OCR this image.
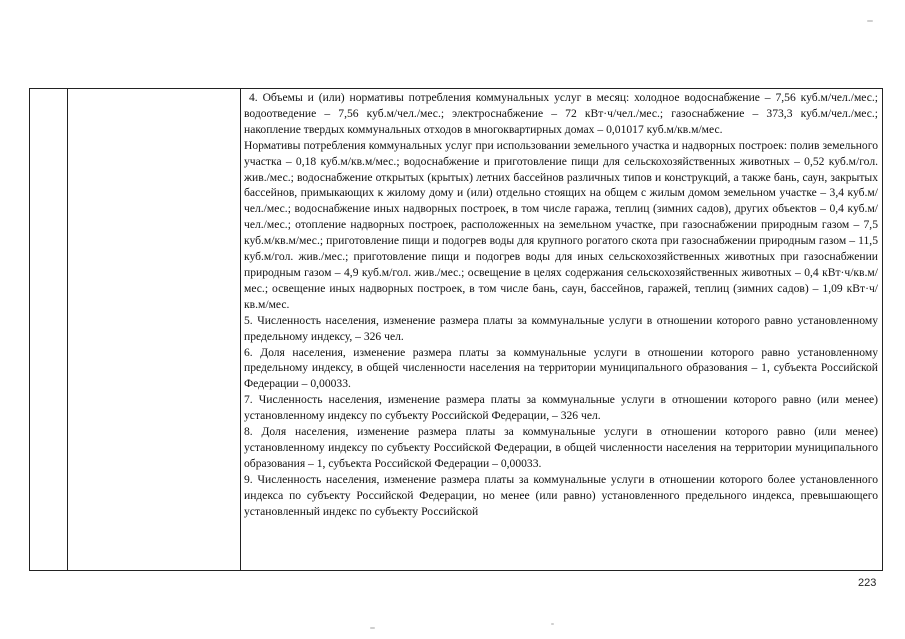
4. Объемы и (или) нормативы потребления коммунальных услуг в месяц: холодное водоснабжение – 7,56 куб.м/чел./мес.; водоотведение – 7,56 куб.м/чел./мес.; электроснабжение – 72 кВт·ч/чел./мес.; газоснабжение – 373,3 куб.м/чел./мес.; накопление твердых коммунальных отходов в многоквартирных домах – 0,01017 куб.м/кв.м/мес.

Нормативы потребления коммунальных услуг при использовании земельного участка и надворных построек: полив земельного участка – 0,18 куб.м/кв.м/мес.; водоснабжение и приготовление пищи для сельскохозяйственных животных – 0,52 куб.м/гол. жив./мес.; водоснабжение открытых (крытых) летних бассейнов различных типов и конструкций, а также бань, саун, закрытых бассейнов, примыкающих к жилому дому и (или) отдельно стоящих на общем с жилым домом земельном участке – 3,4 куб.м/чел./мес.; водоснабжение иных надворных построек, в том числе гаража, теплиц (зимних садов), других объектов – 0,4 куб.м/чел./мес.; отопление надворных построек, расположенных на земельном участке, при газоснабжении природным газом – 7,5 куб.м/кв.м/мес.; приготовление пищи и подогрев воды для крупного рогатого скота при газоснабжении природным газом – 11,5 куб.м/гол. жив./мес.; приготовление пищи и подогрев воды для иных сельскохозяйственных животных при газоснабжении природным газом – 4,9 куб.м/гол. жив./мес.; освещение в целях содержания сельскохозяйственных животных – 0,4 кВт·ч/кв.м/мес.; освещение иных надворных построек, в том числе бань, саун, бассейнов, гаражей, теплиц (зимних садов) – 1,09 кВт·ч/кв.м/мес.

5. Численность населения, изменение размера платы за коммунальные услуги в отношении которого равно установленному предельному индексу, – 326 чел.

6. Доля населения, изменение размера платы за коммунальные услуги в отношении которого равно установленному предельному индексу, в общей численности населения на территории муниципального образования – 1, субъекта Российской Федерации – 0,00033.

7. Численность населения, изменение размера платы за коммунальные услуги в отношении которого равно (или менее) установленному индексу по субъекту Российской Федерации, – 326 чел.

8. Доля населения, изменение размера платы за коммунальные услуги в отношении которого равно (или менее) установленному индексу по субъекту Российской Федерации, в общей численности населения на территории муниципального образования – 1, субъекта Российской Федерации – 0,00033.

9. Численность населения, изменение размера платы за коммунальные услуги в отношении которого более установленного индекса по субъекту Российской Федерации, но менее (или равно) установленного предельного индекса, превышающего установленный индекс по субъекту Российской

223
